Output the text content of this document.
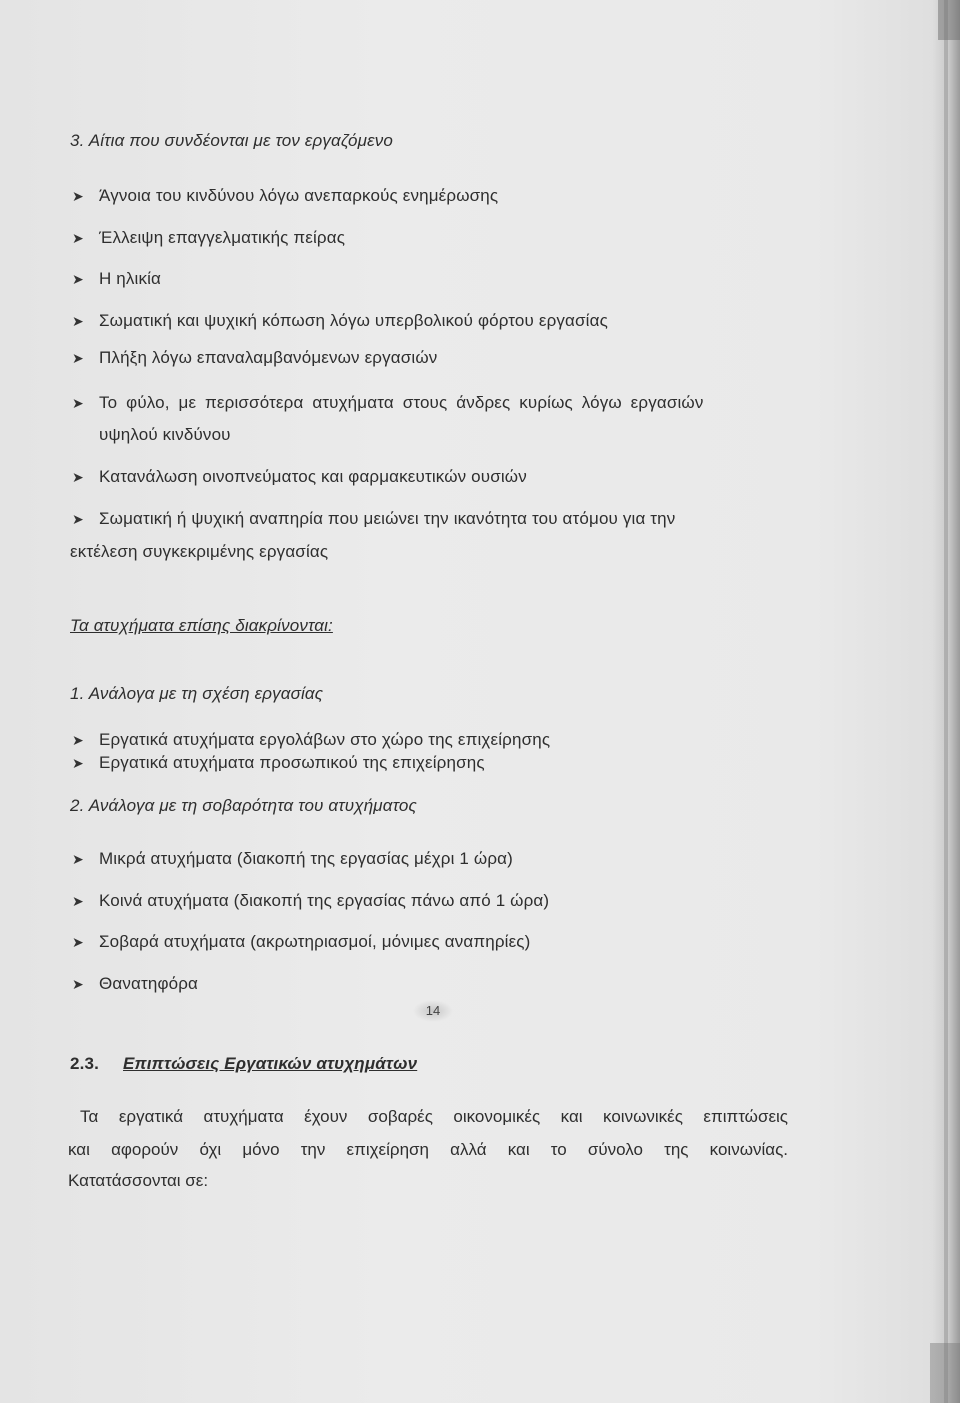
3. Αίτια που συνδέονται με τον εργαζόμενο
➤ Άγνοια του κινδύνου λόγω ανεπαρκούς ενημέρωσης
➤ Έλλειψη επαγγελματικής πείρας
➤ Η ηλικία
➤ Σωματική και ψυχική κόπωση λόγω υπερβολικού φόρτου εργασίας
➤ Πλήξη λόγω επαναλαμβανόμενων εργασιών
➤ Το φύλο, με περισσότερα ατυχήματα στους άνδρες κυρίως λόγω εργασιών
υψηλού κινδύνου
➤ Κατανάλωση οινοπνεύματος και φαρμακευτικών ουσιών
➤ Σωματική ή ψυχική αναπηρία που μειώνει την ικανότητα του ατόμου για την
εκτέλεση συγκεκριμένης εργασίας
Τα ατυχήματα επίσης διακρίνονται:
1. Ανάλογα με τη σχέση εργασίας
➤ Εργατικά ατυχήματα εργολάβων στο χώρο της επιχείρησης
➤ Εργατικά ατυχήματα προσωπικού της επιχείρησης
2. Ανάλογα με τη σοβαρότητα του ατυχήματος
➤ Μικρά ατυχήματα (διακοπή της εργασίας μέχρι 1 ώρα)
➤ Κοινά ατυχήματα (διακοπή της εργασίας πάνω από 1 ώρα)
➤ Σοβαρά ατυχήματα (ακρωτηριασμοί, μόνιμες αναπηρίες)
➤ Θανατηφόρα
2.3. Επιπτώσεις Εργατικών ατυχημάτων
Τα εργατικά ατυχήματα έχουν σοβαρές οικονομικές και κοινωνικές επιπτώσεις
και αφορούν όχι μόνο την επιχείρηση αλλά και το σύνολο της κοινωνίας.
Κατατάσσονται σε:
14
